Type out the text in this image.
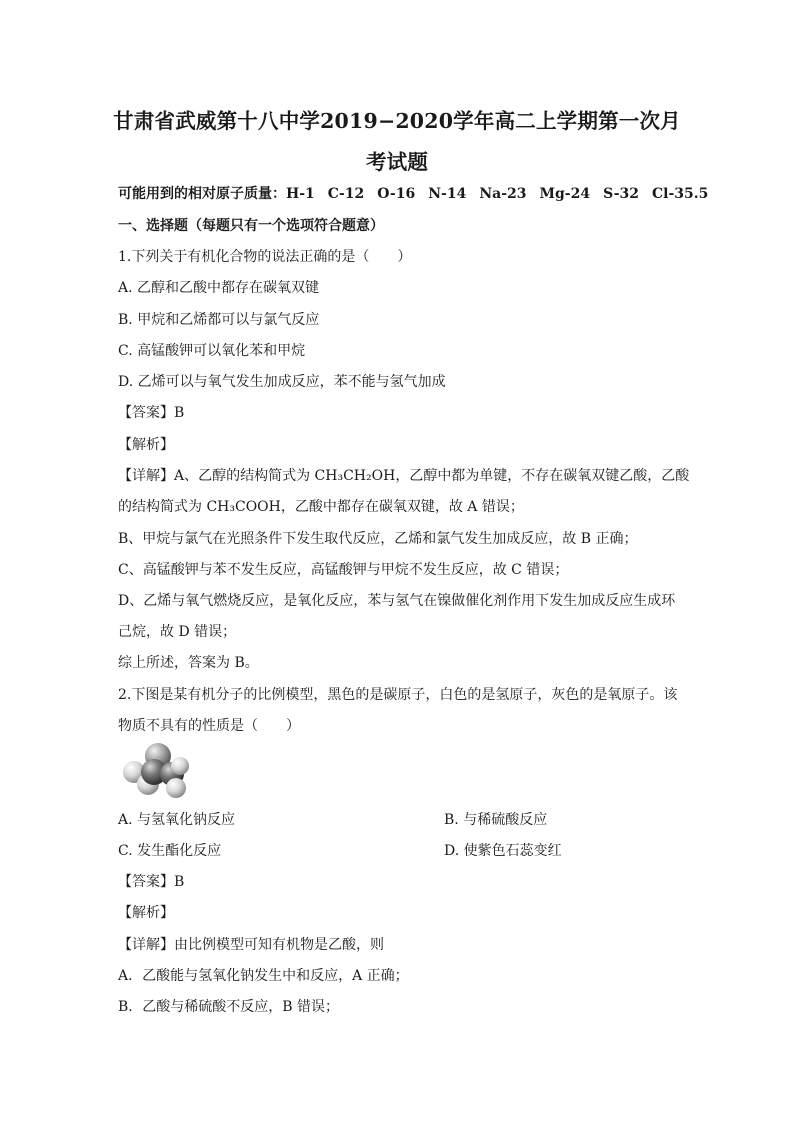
甘肃省武威第十八中学2019−2020学年高二上学期第一次月
考试题
可能用到的相对原子质量：H-1 C-12 O-16 N-14 Na-23 Mg-24 S-32 Cl-35.5
一、选择题（每题只有一个选项符合题意）
1.下列关于有机化合物的说法正确的是（　　）
A. 乙醇和乙酸中都存在碳氧双键
B. 甲烷和乙烯都可以与氯气反应
C. 高锰酸钾可以氧化苯和甲烷
D. 乙烯可以与氧气发生加成反应，苯不能与氢气加成
【答案】B
【解析】
【详解】A、乙醇的结构简式为 CH₃CH₂OH，乙醇中都为单键，不存在碳氧双键乙酸，乙酸
的结构简式为 CH₃COOH，乙酸中都存在碳氧双键，故 A 错误；
B、甲烷与氯气在光照条件下发生取代反应，乙烯和氯气发生加成反应，故 B 正确；
C、高锰酸钾与苯不发生反应，高锰酸钾与甲烷不发生反应，故 C 错误；
D、乙烯与氧气燃烧反应，是氧化反应，苯与氢气在镍做催化剂作用下发生加成反应生成环
己烷，故 D 错误；
综上所述，答案为 B。
2.下图是某有机分子的比例模型，黑色的是碳原子，白色的是氢原子，灰色的是氧原子。该
物质不具有的性质是（　　）
A. 与氢氧化钠反应	B. 与稀硫酸反应
C. 发生酯化反应	D. 使紫色石蕊变红
【答案】B
【解析】
【详解】由比例模型可知有机物是乙酸，则
A．乙酸能与氢氧化钠发生中和反应，A 正确；
B．乙酸与稀硫酸不反应，B 错误；
